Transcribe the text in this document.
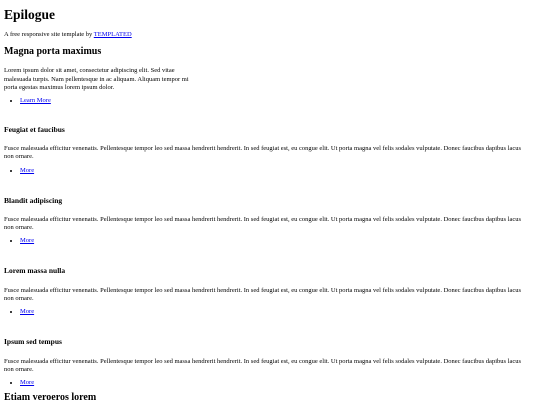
Epilogue

A free responsive site template by TEMPLATED

Magna porta maximus

Lorem ipsum dolor sit amet, consectetur adipiscing elit. Sed vitae malesuada turpis. Nam pellentesque in ac aliquam. Aliquam tempor mi porta egestas maximus lorem ipsum dolor.

• Learn More
Feugiat et faucibus

Fusce malesuada efficitur venenatis. Pellentesque tempor leo sed massa hendrerit hendrerit. In sed feugiat est, eu congue elit. Ut porta magna vel felis sodales vulputate. Donec faucibus dapibus lacus non ornare.

• More
Blandit adipiscing

Fusce malesuada efficitur venenatis. Pellentesque tempor leo sed massa hendrerit hendrerit. In sed feugiat est, eu congue elit. Ut porta magna vel felis sodales vulputate. Donec faucibus dapibus lacus non ornare.

• More
Lorem massa nulla

Fusce malesuada efficitur venenatis. Pellentesque tempor leo sed massa hendrerit hendrerit. In sed feugiat est, eu congue elit. Ut porta magna vel felis sodales vulputate. Donec faucibus dapibus lacus non ornare.

• More
Ipsum sed tempus

Fusce malesuada efficitur venenatis. Pellentesque tempor leo sed massa hendrerit hendrerit. In sed feugiat est, eu congue elit. Ut porta magna vel felis sodales vulputate. Donec faucibus dapibus lacus non ornare.

• More
Etiam veroeros lorem
